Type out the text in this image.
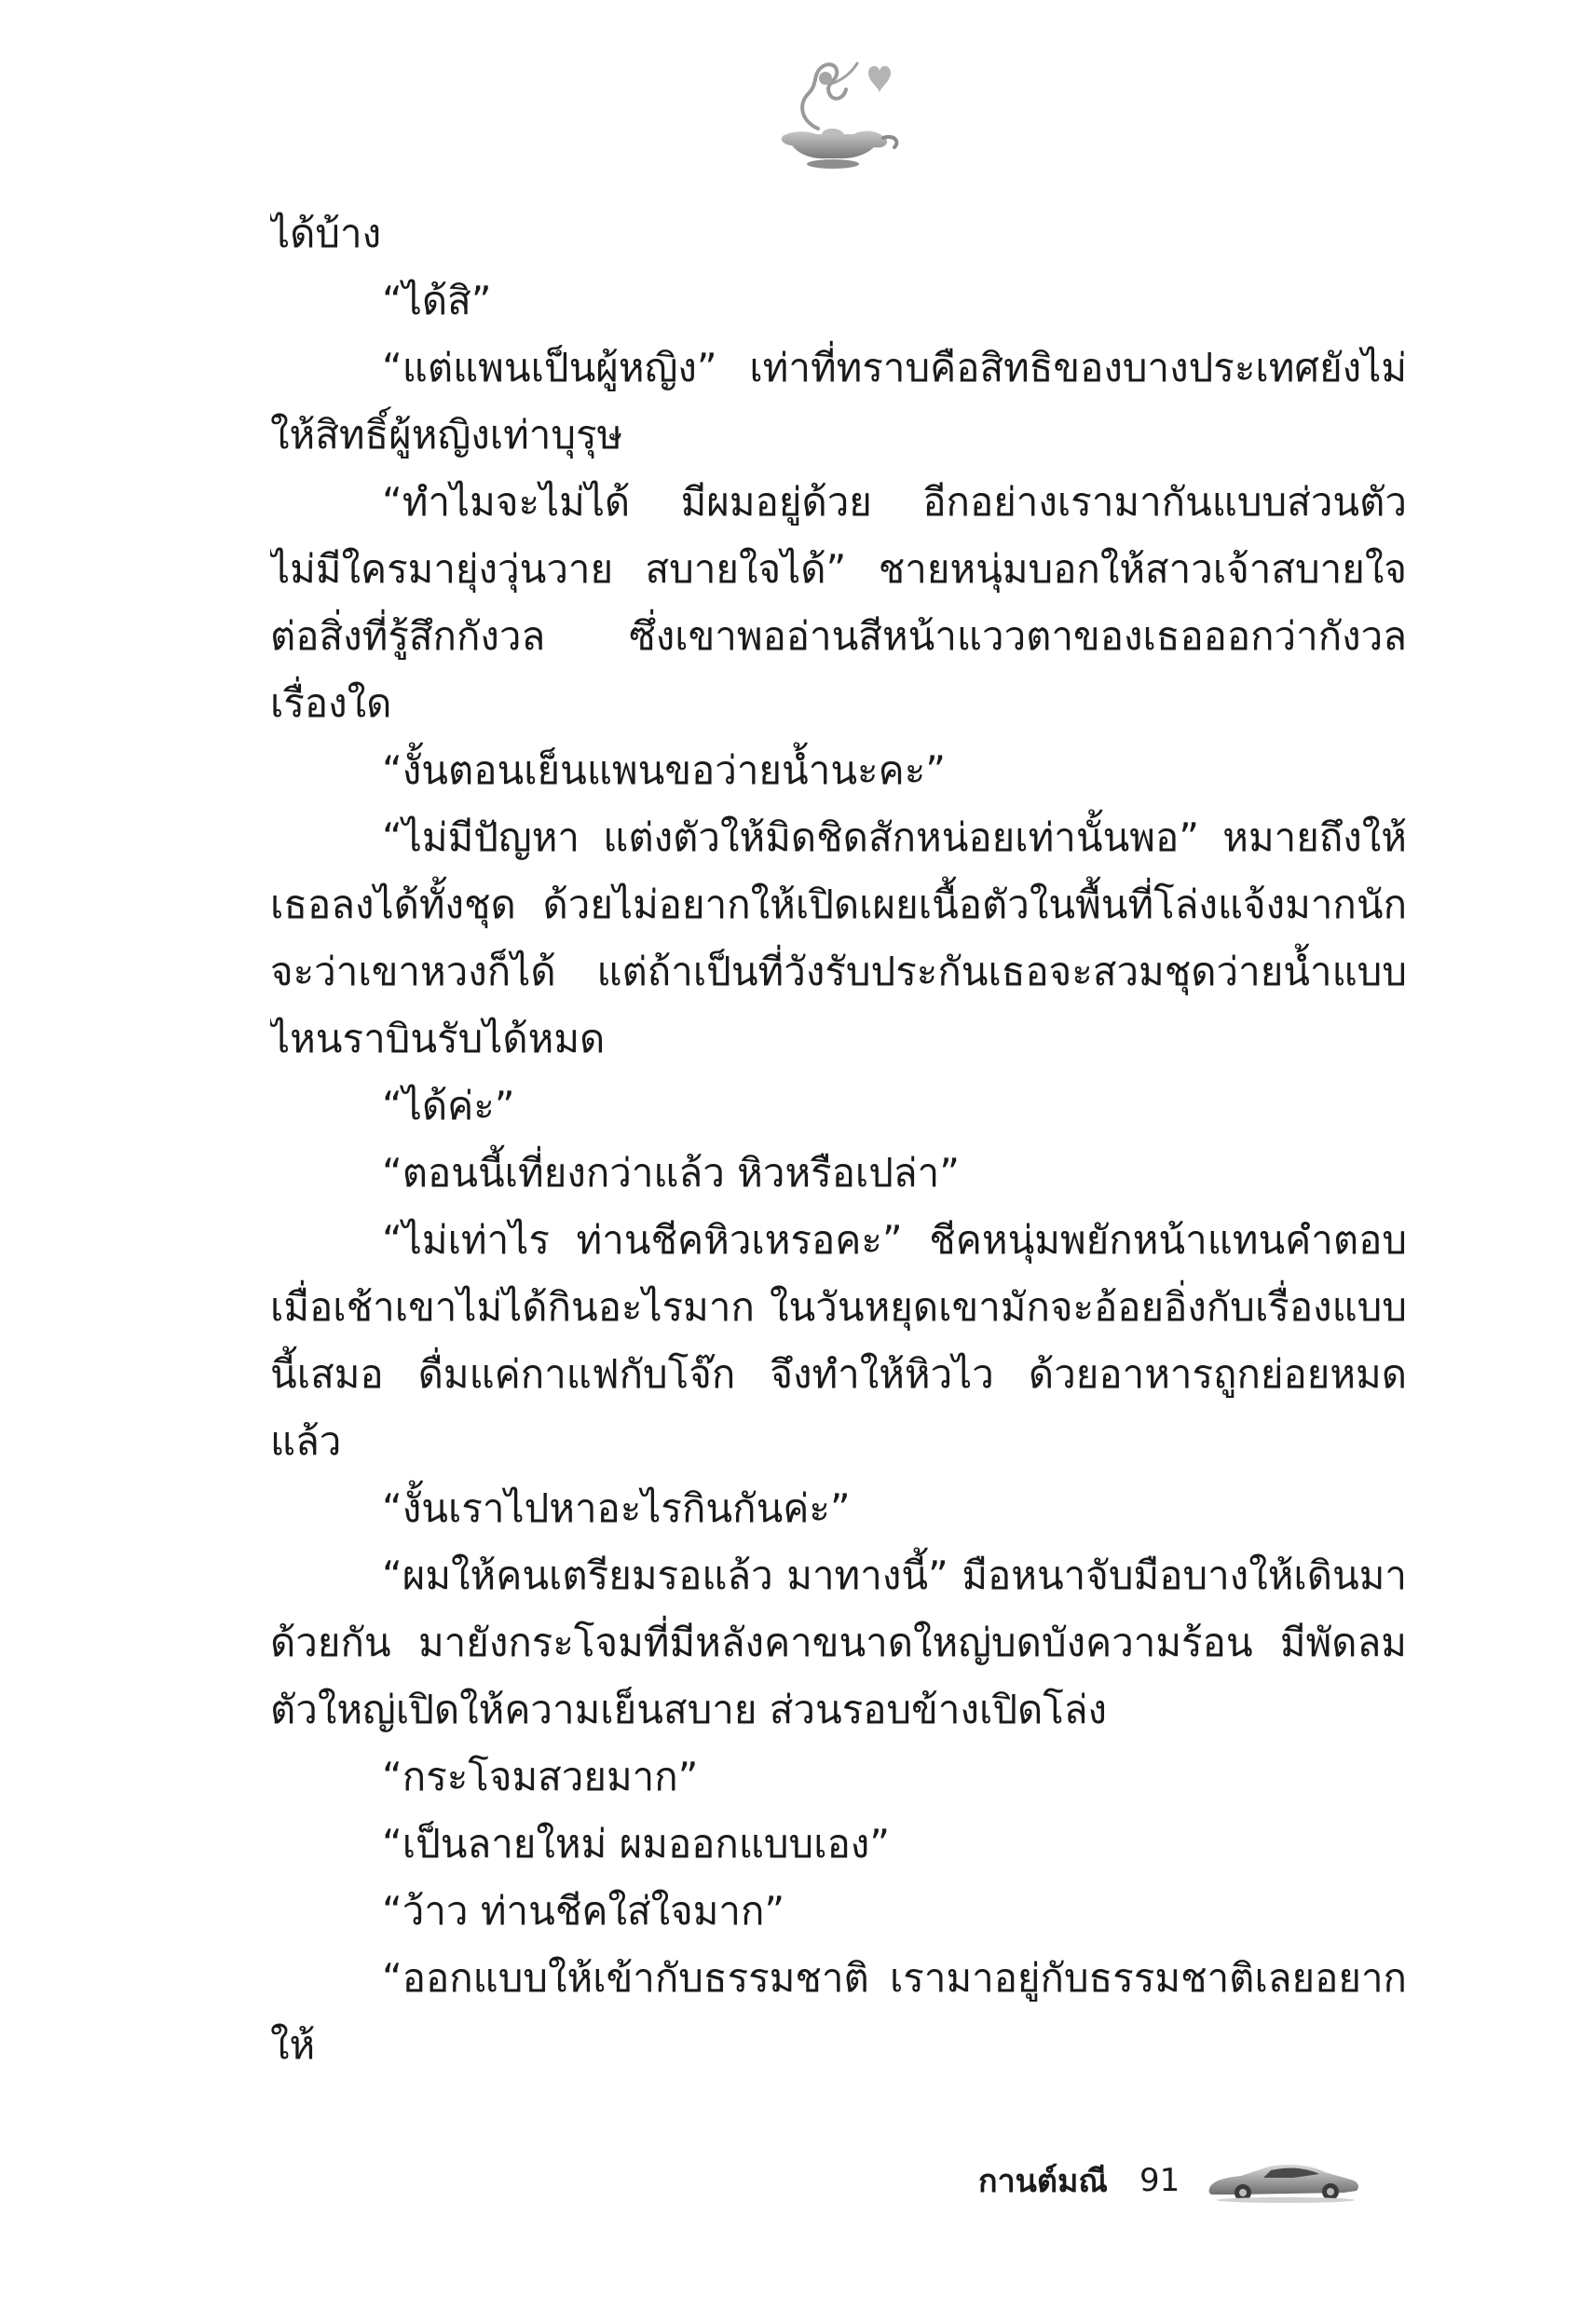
ได้บ้าง

“ได้สิ”

“แต่แพนเป็นผู้หญิง” เท่าที่ทราบคือสิทธิของบางประเทศยังไม่ให้สิทธิ์ผู้หญิงเท่าบุรุษ

“ทำไมจะไม่ได้ มีผมอยู่ด้วย อีกอย่างเรามากันแบบส่วนตัว ไม่มีใครมายุ่งวุ่นวาย สบายใจได้” ชายหนุ่มบอกให้สาวเจ้าสบายใจต่อสิ่งที่รู้สึกกังวล ซึ่งเขาพออ่านสีหน้าแววตาของเธอออกว่ากังวลเรื่องใด

“งั้นตอนเย็นแพนขอว่ายน้ำนะคะ”

“ไม่มีปัญหา แต่งตัวให้มิดชิดสักหน่อยเท่านั้นพอ” หมายถึงให้เธอลงได้ทั้งชุด ด้วยไม่อยากให้เปิดเผยเนื้อตัวในพื้นที่โล่งแจ้งมากนักจะว่าเขาหวงก็ได้ แต่ถ้าเป็นที่วังรับประกันเธอจะสวมชุดว่ายน้ำแบบไหนราบินรับได้หมด

“ได้ค่ะ”

“ตอนนี้เที่ยงกว่าแล้ว หิวหรือเปล่า”

“ไม่เท่าไร ท่านชีคหิวเหรอคะ” ชีคหนุ่มพยักหน้าแทนคำตอบ เมื่อเช้าเขาไม่ได้กินอะไรมาก ในวันหยุดเขามักจะอ้อยอิ่งกับเรื่องแบบนี้เสมอ ดื่มแค่กาแฟกับโจ๊ก จึงทำให้หิวไว ด้วยอาหารถูกย่อยหมดแล้ว

“งั้นเราไปหาอะไรกินกันค่ะ”

“ผมให้คนเตรียมรอแล้ว มาทางนี้” มือหนาจับมือบางให้เดินมาด้วยกัน มายังกระโจมที่มีหลังคาขนาดใหญ่บดบังความร้อน มีพัดลมตัวใหญ่เปิดให้ความเย็นสบาย ส่วนรอบข้างเปิดโล่ง

“กระโจมสวยมาก”

“เป็นลายใหม่ ผมออกแบบเอง”

“ว้าว ท่านชีคใส่ใจมาก”

“ออกแบบให้เข้ากับธรรมชาติ เรามาอยู่กับธรรมชาติเลยอยากให้

กานต์มณี 91
